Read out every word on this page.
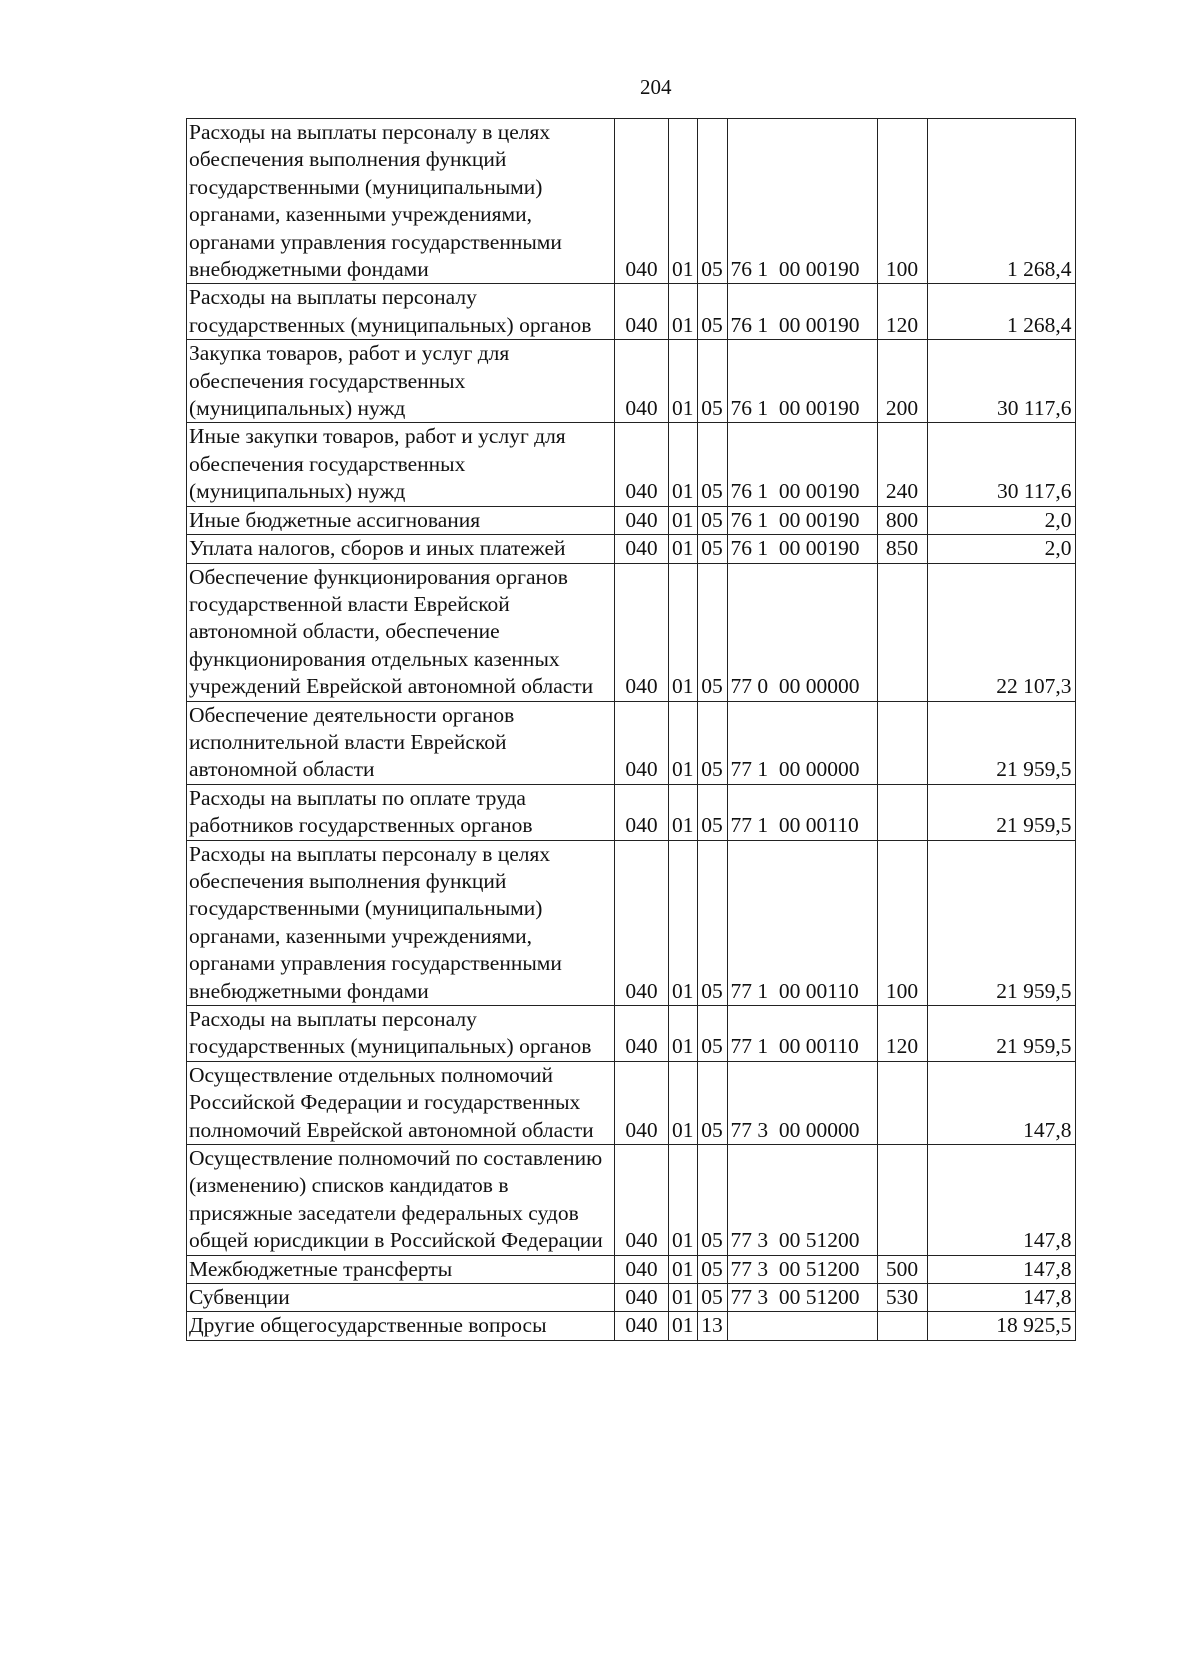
204
Расходы на выплаты персоналу в целях обеспечения выполнения функций государственными (муниципальными) органами, казенными учреждениями, органами управления государственными внебюджетными фондами	040	01	05	76 1  00 00190	100	1 268,4
Расходы на выплаты персоналу государственных (муниципальных) органов	040	01	05	76 1  00 00190	120	1 268,4
Закупка товаров, работ и услуг для обеспечения государственных (муниципальных) нужд	040	01	05	76 1  00 00190	200	30 117,6
Иные закупки товаров, работ и услуг для обеспечения государственных (муниципальных) нужд	040	01	05	76 1  00 00190	240	30 117,6
Иные бюджетные ассигнования	040	01	05	76 1  00 00190	800	2,0
Уплата налогов, сборов и иных платежей	040	01	05	76 1  00 00190	850	2,0
Обеспечение функционирования органов государственной власти Еврейской автономной области, обеспечение функционирования отдельных казенных учреждений Еврейской автономной области	040	01	05	77 0  00 00000		22 107,3
Обеспечение деятельности органов исполнительной власти Еврейской автономной области	040	01	05	77 1  00 00000		21 959,5
Расходы на выплаты по оплате труда работников государственных органов	040	01	05	77 1  00 00110		21 959,5
Расходы на выплаты персоналу в целях обеспечения выполнения функций государственными (муниципальными) органами, казенными учреждениями, органами управления государственными внебюджетными фондами	040	01	05	77 1  00 00110	100	21 959,5
Расходы на выплаты персоналу государственных (муниципальных) органов	040	01	05	77 1  00 00110	120	21 959,5
Осуществление отдельных полномочий Российской Федерации и государственных полномочий Еврейской автономной области	040	01	05	77 3  00 00000		147,8
Осуществление полномочий по составлению (изменению) списков кандидатов в присяжные заседатели федеральных судов общей юрисдикции в Российской Федерации	040	01	05	77 3  00 51200		147,8
Межбюджетные трансферты	040	01	05	77 3  00 51200	500	147,8
Субвенции	040	01	05	77 3  00 51200	530	147,8
Другие общегосударственные вопросы	040	01	13			18 925,5
